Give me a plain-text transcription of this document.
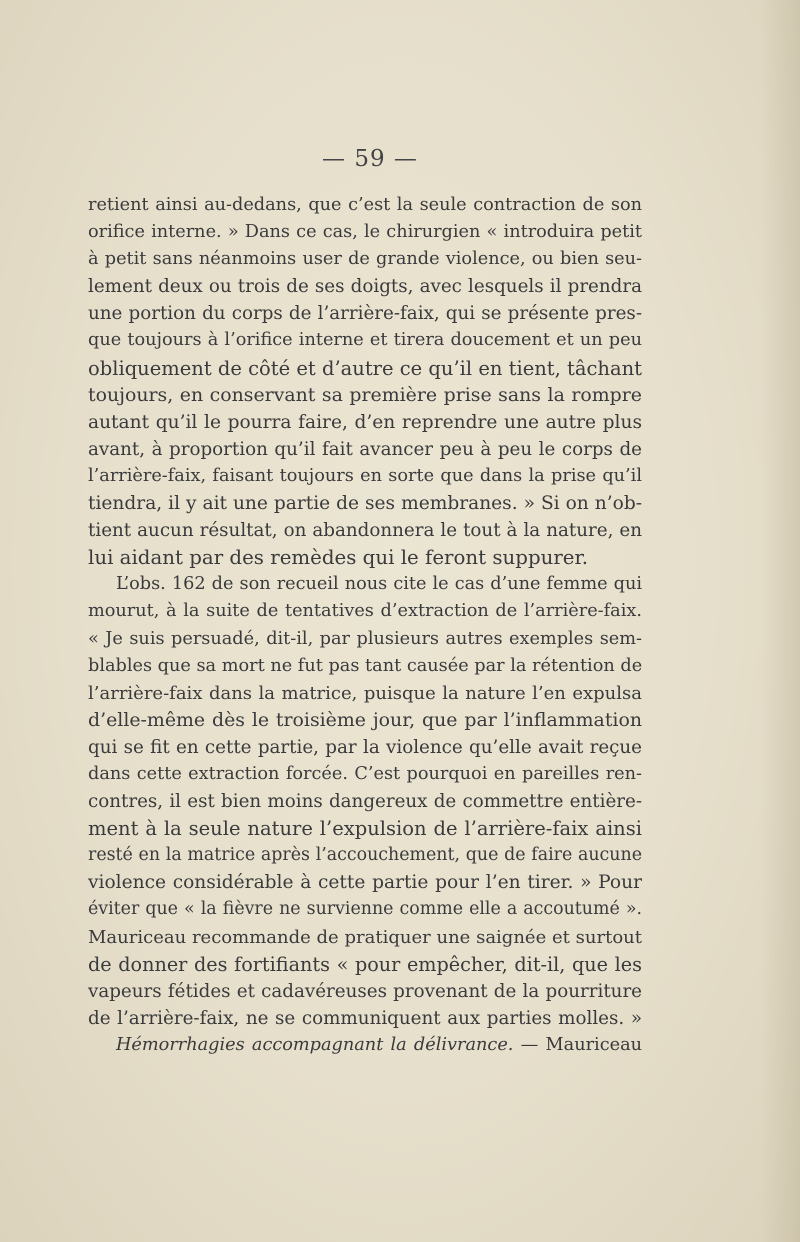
— 59 —
retient ainsi au-dedans, que c’est la seule contraction de son
orifice interne. » Dans ce cas, le chirurgien « introduira petit
à petit sans néanmoins user de grande violence, ou bien seu-
lement deux ou trois de ses doigts, avec lesquels il prendra
une portion du corps de l’arrière-faix, qui se présente pres-
que toujours à l’orifice interne et tirera doucement et un peu
obliquement de côté et d’autre ce qu’il en tient, tâchant
toujours, en conservant sa première prise sans la rompre
autant qu’il le pourra faire, d’en reprendre une autre plus
avant, à proportion qu’il fait avancer peu à peu le corps de
l’arrière-faix, faisant toujours en sorte que dans la prise qu’il
tiendra, il y ait une partie de ses membranes. » Si on n’ob-
tient aucun résultat, on abandonnera le tout à la nature, en
lui aidant par des remèdes qui le feront suppurer.
L’obs. 162 de son recueil nous cite le cas d’une femme qui
mourut, à la suite de tentatives d’extraction de l’arrière-faix.
« Je suis persuadé, dit-il, par plusieurs autres exemples sem-
blables que sa mort ne fut pas tant causée par la rétention de
l’arrière-faix dans la matrice, puisque la nature l’en expulsa
d’elle-même dès le troisième jour, que par l’inflammation
qui se fit en cette partie, par la violence qu’elle avait reçue
dans cette extraction forcée. C’est pourquoi en pareilles ren-
contres, il est bien moins dangereux de commettre entière-
ment à la seule nature l’expulsion de l’arrière-faix ainsi
resté en la matrice après l’accouchement, que de faire aucune
violence considérable à cette partie pour l’en tirer. » Pour
éviter que « la fièvre ne survienne comme elle a accoutumé ».
Mauriceau recommande de pratiquer une saignée et surtout
de donner des fortifiants « pour empêcher, dit-il, que les
vapeurs fétides et cadavéreuses provenant de la pourriture
de l’arrière-faix, ne se communiquent aux parties molles. »
Hémorrhagies accompagnant la délivrance. — Mauriceau
